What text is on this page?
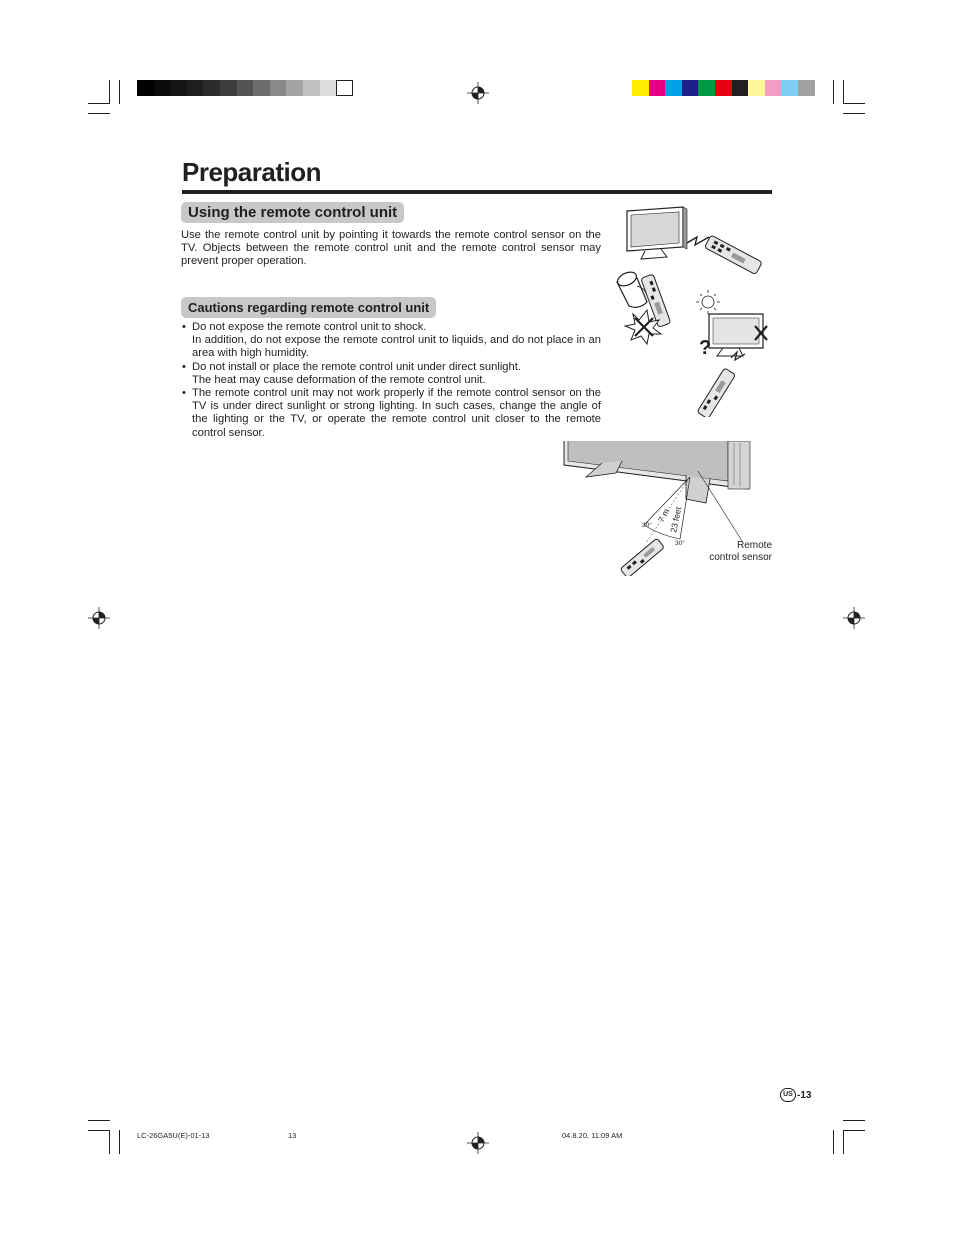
Preparation
Using the remote control unit
Use the remote control unit by pointing it towards the remote control sensor on the TV. Objects between the remote control unit and the remote control sensor may prevent proper operation.
Cautions regarding remote control unit
• Do not expose the remote control unit to shock.
In addition, do not expose the remote control unit to liquids, and do not place in an area with high humidity.
• Do not install or place the remote control unit under direct sunlight.
The heat may cause deformation of the remote control unit.
• The remote control unit may not work properly if the remote control sensor on the TV is under direct sunlight or strong lighting. In such cases, change the angle of the lighting or the TV, or operate the remote control unit closer to the remote control sensor.
?
7 m
23 feet
30°
30°	Remote
control sensor
US -13
LC-26GA5U(E)-01-13	13	04.8.20, 11:09 AM
